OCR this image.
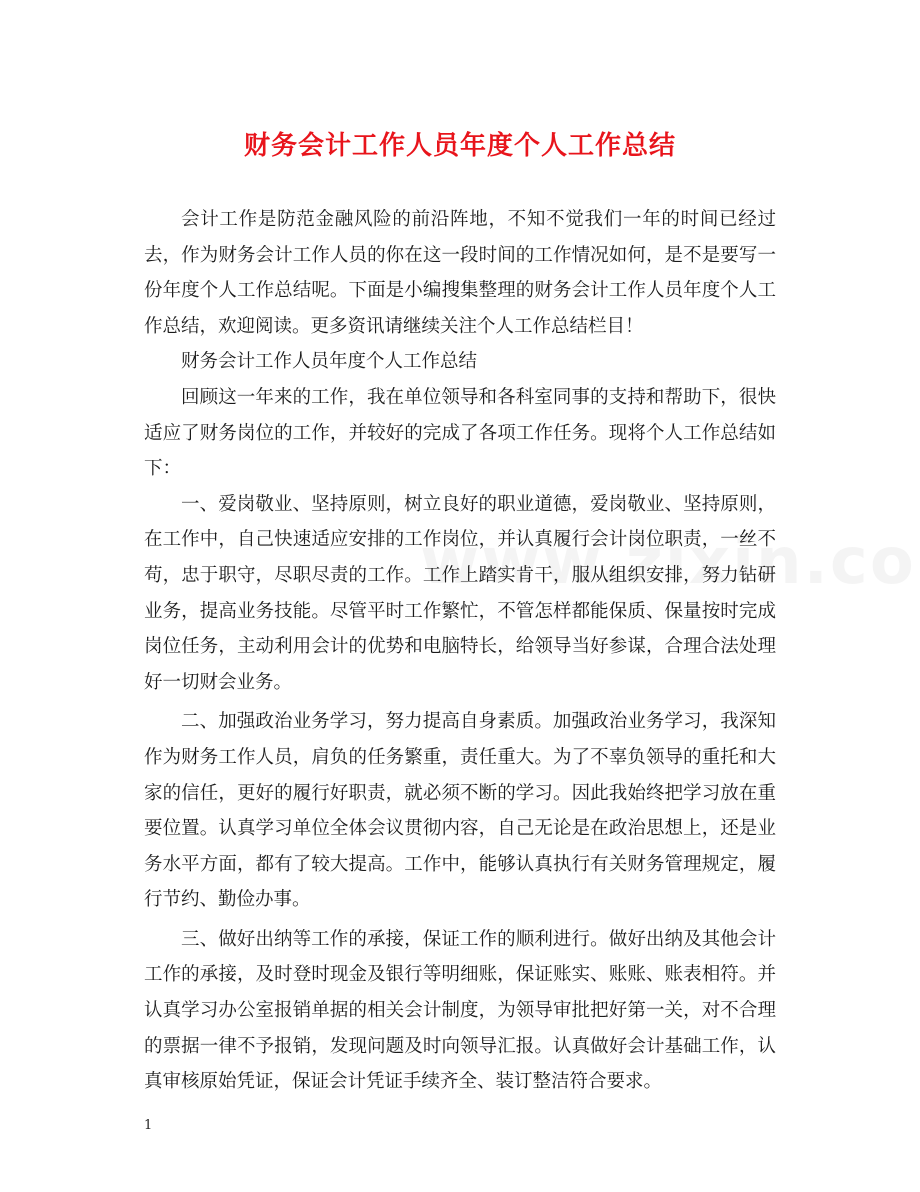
财务会计工作人员年度个人工作总结

会计工作是防范金融风险的前沿阵地，不知不觉我们一年的时间已经过去，作为财务会计工作人员的你在这一段时间的工作情况如何，是不是要写一份年度个人工作总结呢。下面是小编搜集整理的财务会计工作人员年度个人工作总结，欢迎阅读。更多资讯请继续关注个人工作总结栏目！

财务会计工作人员年度个人工作总结

回顾这一年来的工作，我在单位领导和各科室同事的支持和帮助下，很快适应了财务岗位的工作，并较好的完成了各项工作任务。现将个人工作总结如下：

一、爱岗敬业、坚持原则，树立良好的职业道德，爱岗敬业、坚持原则，在工作中，自己快速适应安排的工作岗位，并认真履行会计岗位职责，一丝不苟，忠于职守，尽职尽责的工作。工作上踏实肯干，服从组织安排，努力钻研业务，提高业务技能。尽管平时工作繁忙，不管怎样都能保质、保量按时完成岗位任务，主动利用会计的优势和电脑特长，给领导当好参谋，合理合法处理好一切财会业务。

二、加强政治业务学习，努力提高自身素质。加强政治业务学习，我深知作为财务工作人员，肩负的任务繁重，责任重大。为了不辜负领导的重托和大家的信任，更好的履行好职责，就必须不断的学习。因此我始终把学习放在重要位置。认真学习单位全体会议贯彻内容，自己无论是在政治思想上，还是业务水平方面，都有了较大提高。工作中，能够认真执行有关财务管理规定，履行节约、勤俭办事。

三、做好出纳等工作的承接，保证工作的顺利进行。做好出纳及其他会计工作的承接，及时登时现金及银行等明细账，保证账实、账账、账表相符。并认真学习办公室报销单据的相关会计制度，为领导审批把好第一关，对不合理的票据一律不予报销，发现问题及时向领导汇报。认真做好会计基础工作，认真审核原始凭证，保证会计凭证手续齐全、装订整洁符合要求。

1
